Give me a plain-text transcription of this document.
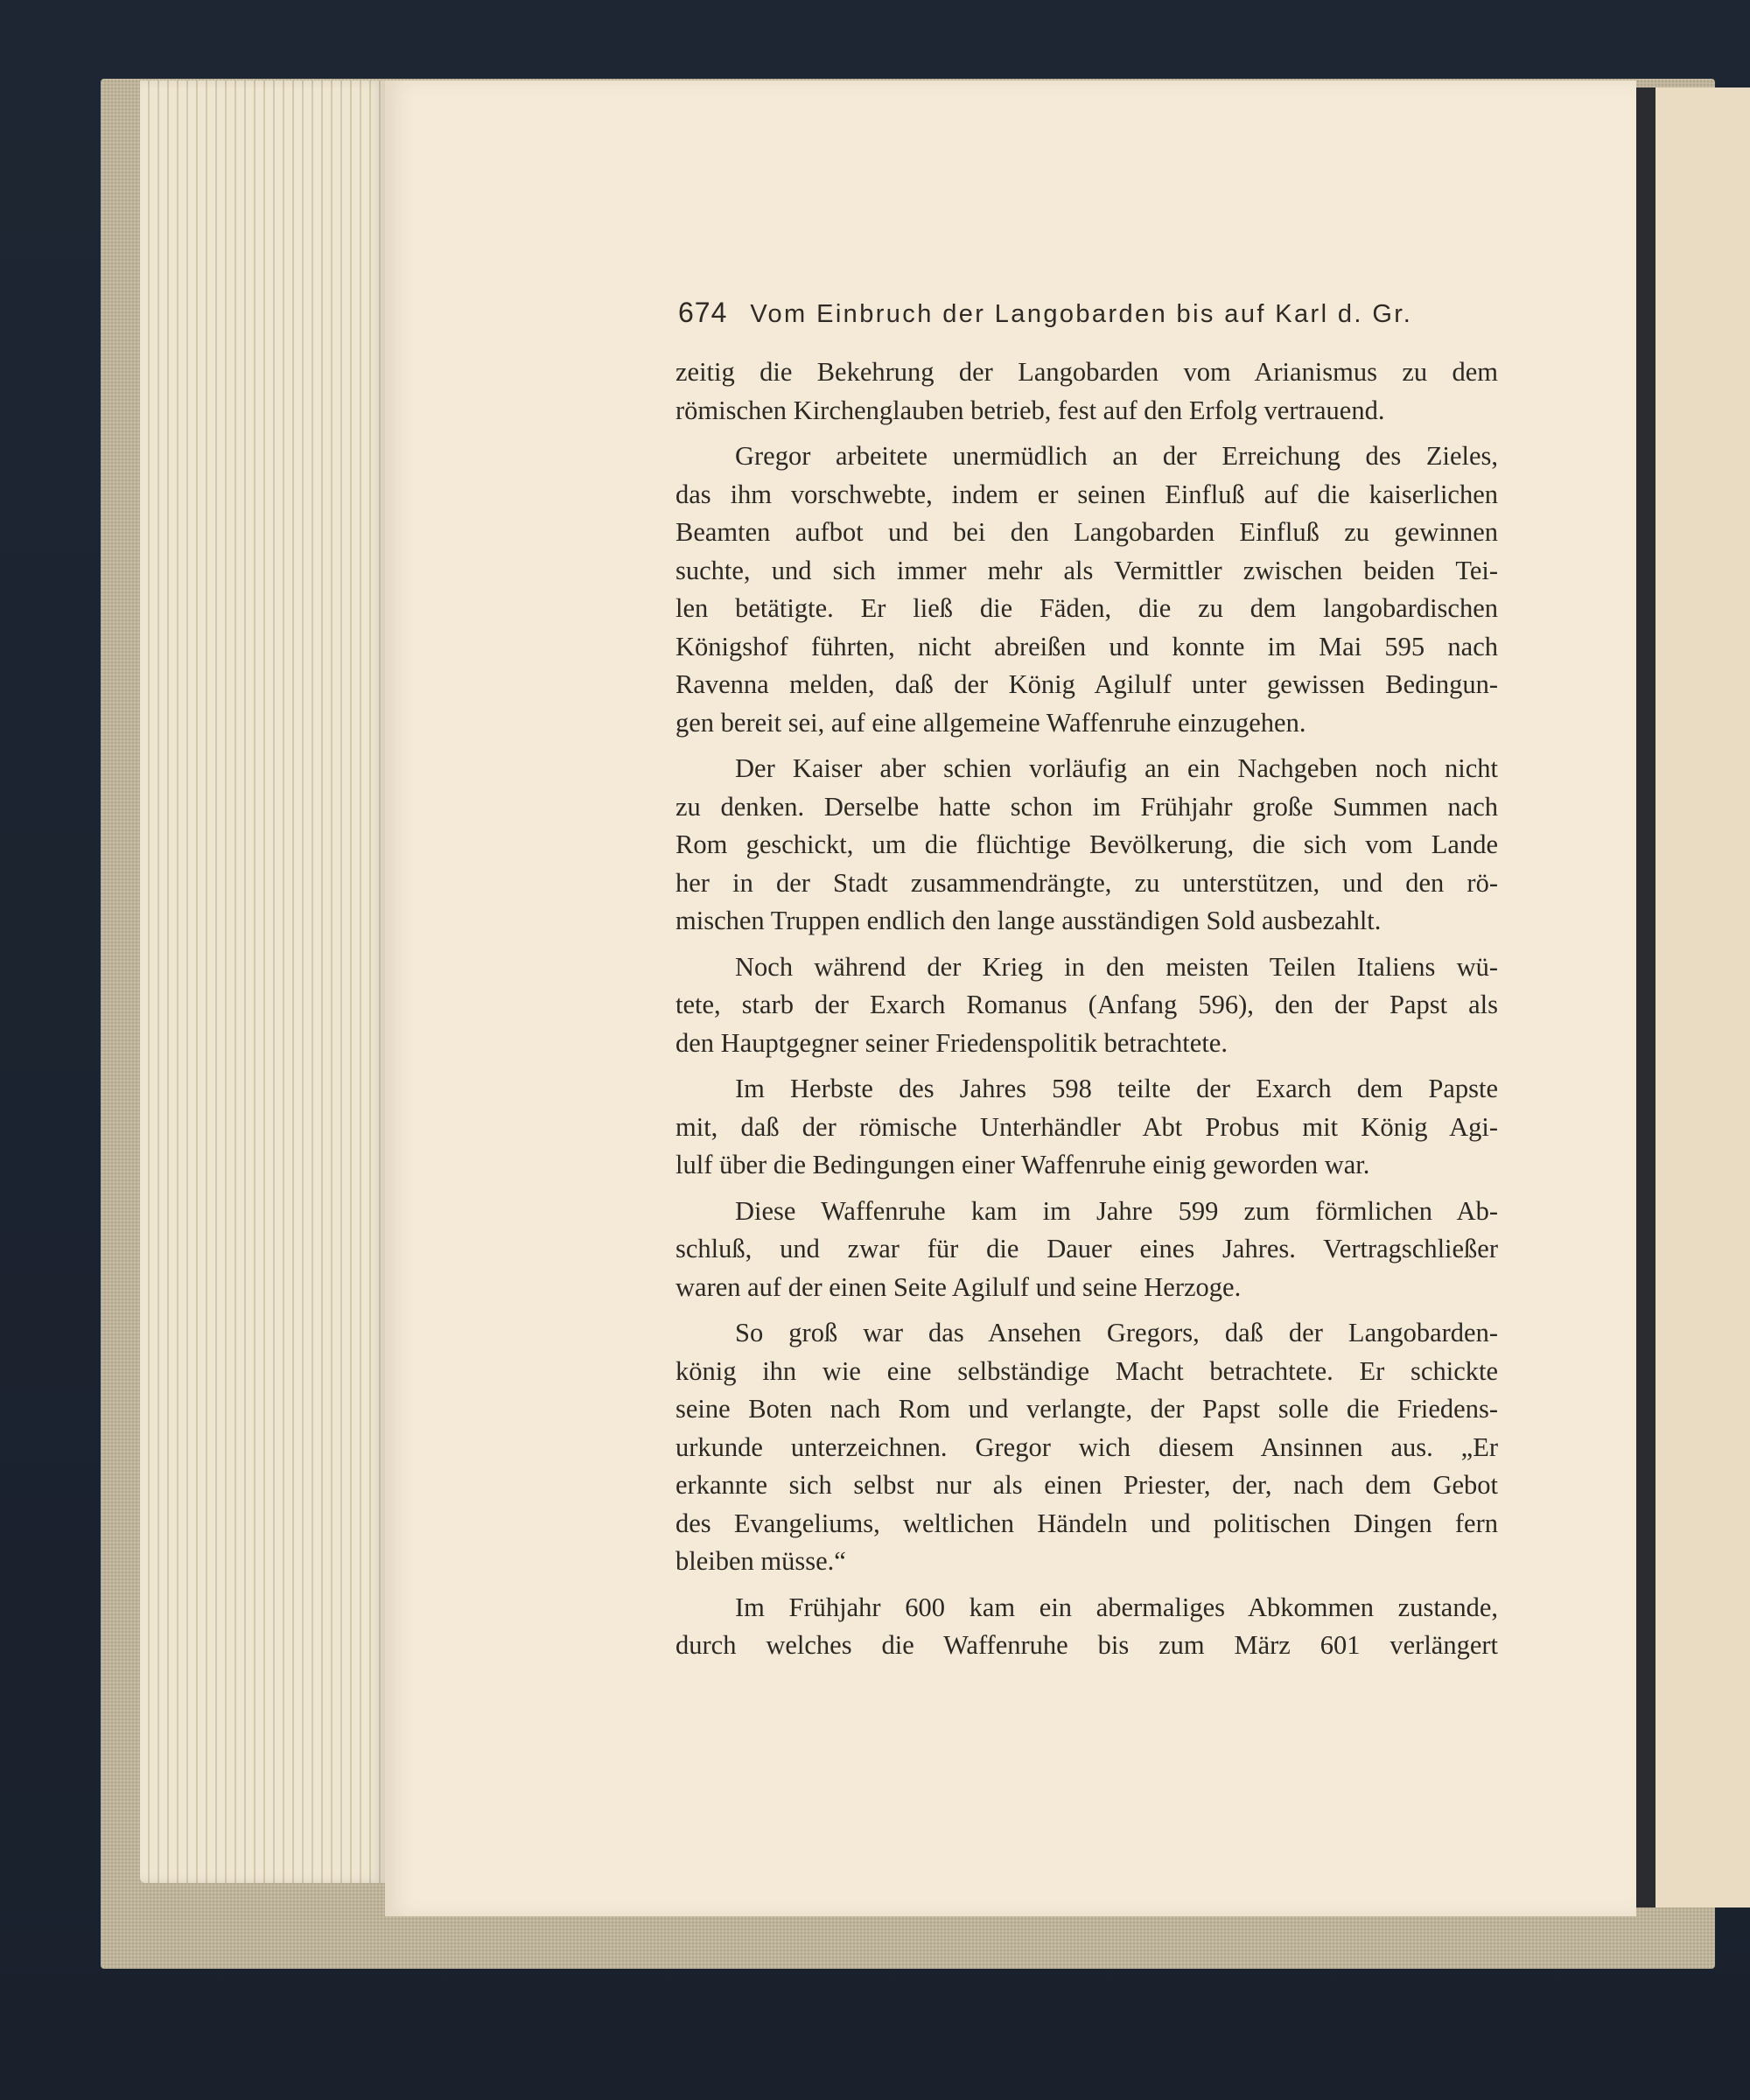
674 Vom Einbruch der Langobarden bis auf Karl d. Gr.
zeitig die Bekehrung der Langobarden vom Arianismus zu dem
römischen Kirchenglauben betrieb, fest auf den Erfolg vertrauend.
Gregor arbeitete unermüdlich an der Erreichung des Zieles,
das ihm vorschwebte, indem er seinen Einfluß auf die kaiserlichen
Beamten aufbot und bei den Langobarden Einfluß zu gewinnen
suchte, und sich immer mehr als Vermittler zwischen beiden Tei-
len betätigte. Er ließ die Fäden, die zu dem langobardischen
Königshof führten, nicht abreißen und konnte im Mai 595 nach
Ravenna melden, daß der König Agilulf unter gewissen Bedingun-
gen bereit sei, auf eine allgemeine Waffenruhe einzugehen.
Der Kaiser aber schien vorläufig an ein Nachgeben noch nicht
zu denken. Derselbe hatte schon im Frühjahr große Summen nach
Rom geschickt, um die flüchtige Bevölkerung, die sich vom Lande
her in der Stadt zusammendrängte, zu unterstützen, und den rö-
mischen Truppen endlich den lange ausständigen Sold ausbezahlt.
Noch während der Krieg in den meisten Teilen Italiens wü-
tete, starb der Exarch Romanus (Anfang 596), den der Papst als
den Hauptgegner seiner Friedenspolitik betrachtete.
Im Herbste des Jahres 598 teilte der Exarch dem Papste
mit, daß der römische Unterhändler Abt Probus mit König Agi-
lulf über die Bedingungen einer Waffenruhe einig geworden war.
Diese Waffenruhe kam im Jahre 599 zum förmlichen Ab-
schluß, und zwar für die Dauer eines Jahres. Vertragschließer
waren auf der einen Seite Agilulf und seine Herzoge.
So groß war das Ansehen Gregors, daß der Langobarden-
könig ihn wie eine selbständige Macht betrachtete. Er schickte
seine Boten nach Rom und verlangte, der Papst solle die Friedens-
urkunde unterzeichnen. Gregor wich diesem Ansinnen aus. „Er
erkannte sich selbst nur als einen Priester, der, nach dem Gebot
des Evangeliums, weltlichen Händeln und politischen Dingen fern
bleiben müsse.“
Im Frühjahr 600 kam ein abermaliges Abkommen zustande,
durch welches die Waffenruhe bis zum März 601 verlängert
